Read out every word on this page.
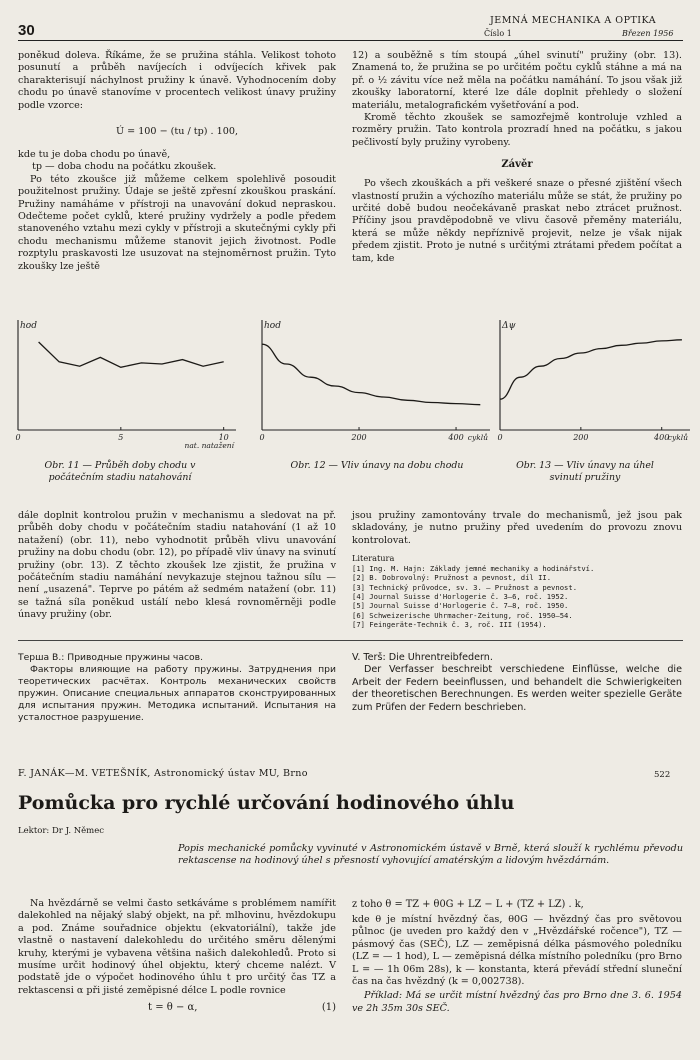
30
JEMNÁ MECHANIKA A OPTIKA
Číslo 1	Březen 1956

poněkud doleva. Říkáme, že se pružina stáhla. Velikost tohoto posunutí a průběh navíjecích i odvíjecích křivek pak charakterisují náchylnost pružiny k únavě. Vyhodnocením doby chodu po únavě stanovíme v procentech velikost únavy pružiny podle vzorce:

Ú = 100 − (tu / tp) . 100,

kde tu je doba chodu po únavě,

tp — doba chodu na počátku zkoušek.

Po této zkoušce již můžeme celkem spolehlivě posoudit použitelnost pružiny. Údaje se ještě zpřesní zkouškou praskání. Pružiny namáháme v přístroji na unavování dokud nepraskou. Odečteme počet cyklů, které pružiny vydržely a podle předem stanoveného vztahu mezi cykly v přístroji a skutečnými cykly při chodu mechanismu můžeme stanovit jejich životnost. Podle rozptylu praskavosti lze usuzovat na stejnoměrnost pružin. Tyto zkoušky lze ještě

12) a souběžně s tím stoupá „úhel svinutí" pružiny (obr. 13). Znamená to, že pružina se po určitém počtu cyklů stáhne a má na př. o ½ závitu více než měla na počátku namáhání. To jsou však již zkoušky laboratorní, které lze dále doplnit přehledy o složení materiálu, metalografickém vyšetřování a pod.

Kromě těchto zkoušek se samozřejmě kontroluje vzhled a rozměry pružin. Tato kontrola prozradí hned na počátku, s jakou pečlivostí byly pružiny vyrobeny.

Závěr

Po všech zkouškách a při veškeré snaze o přesné zjištění všech vlastností pružin a výchozího materiálu může se stát, že pružiny po určité době budou neočekávaně praskat nebo ztrácet pružnost. Příčiny jsou pravděpodobně ve vlivu časově přeměny materiálu, která se může někdy nepříznivě projevit, nelze je však nijak předem zjistit. Proto je nutné s určitými ztrátami předem počítat a tam, kde

hod
0	5	10
nat. natažení
hod
0	200	400 cyklů
Δψ
0	200	400
cyklů
Obr. 11 — Průběh doby chodu v počátečním stadiu natahování
Obr. 12 — Vliv únavy na dobu chodu	Obr. 13 — Vliv únavy na úhel svinutí pružiny

dále doplnit kontrolou pružin v mechanismu a sledovat na př. průběh doby chodu v počátečním stadiu natahování (1 až 10 natažení) (obr. 11), nebo vyhodnotit průběh vlivu unavování pružiny na dobu chodu (obr. 12), po případě vliv únavy na svinutí pružiny (obr. 13). Z těchto zkoušek lze zjistit, že pružina v počátečním stadiu namáhání nevykazuje stejnou tažnou sílu — není „usazená". Teprve po pátém až sedmém natažení (obr. 11) se tažná síla poněkud ustálí nebo klesá rovnoměrněji podle únavy pružiny (obr.

jsou pružiny zamontovány trvale do mechanismů, jež jsou pak skladovány, je nutno pružiny před uvedením do provozu znovu kontrolovat.

Literatura
[1] Ing. M. Hajn: Základy jemné mechaniky a hodinářství.
[2] B. Dobrovolný: Pružnost a pevnost, díl II.
[3] Technický průvodce, sv. 3. — Pružnost a pevnost.
[4] Journal Suisse d'Horlogerie č. 3—6, roč. 1952.
[5] Journal Suisse d'Horlogerie č. 7—8, roč. 1950.
[6] Schweizerische Uhrmacher-Zeitung, roč. 1950—54.
[7] Feingeräte-Technik č. 3, roč. III (1954).
Терша В.: Приводные пружины часов.
Факторы влияющие на работу пружины. Затруднения при теоретических расчётах. Контроль механических свойств пружин. Описание специальных аппаратов сконструированных для испытания пружин. Методика испытаний. Испытания на усталостное разрушение.
V. Terš: Die Uhrentreibfedern.
Der Verfasser beschreibt verschiedene Einflüsse, welche die Arbeit der Federn beeinflussen, und behandelt die Schwierigkeiten der theoretischen Berechnungen. Es werden weiter spezielle Geräte zum Prüfen der Federn beschrieben.
F. JANÁK—M. VETEŠNÍK, Astronomický ústav MU, Brno	522
Pomůcka pro rychlé určování hodinového úhlu
Lektor: Dr J. Němec
Popis mechanické pomůcky vyvinuté v Astronomickém ústavě v Brně, která slouží k rychlému převodu rektascense na hodinový úhel s přesností vyhovující amatérským a lidovým hvězdárnám.

Na hvězdárně se velmi často setkáváme s problémem namířit dalekohled na nějaký slabý objekt, na př. mlhovinu, hvězdokupu a pod. Známe souřadnice objektu (ekvatoriální), takže jde vlastně o nastavení dalekohledu do určitého směru dělenými kruhy, kterými je vybavena většina našich dalekohledů. Proto si musíme určit hodinový úhel objektu, který chceme nalézt. V podstatě jde o výpočet hodinového úhlu t pro určitý čas TZ a rektascensi α při jisté zeměpisné délce L podle rovnice

t = θ − α,	(1)
z toho θ = TZ + θ0G + LZ − L + (TZ + LZ) . k,

kde θ je místní hvězdný čas, θ0G — hvězdný čas pro světovou půlnoc (je uveden pro každý den v „Hvězdářské ročence"), TZ — pásmový čas (SEČ), LZ — zeměpisná délka pásmového poledníku (LZ = — 1 hod), L — zeměpisná délka místního poledníku (pro Brno L = — 1h 06m 28s), k — konstanta, která převádí střední sluneční čas na čas hvězdný (k = 0,002738).

Příklad: Má se určit místní hvězdný čas pro Brno dne 3. 6. 1954 ve 2h 35m 30s SEČ.
